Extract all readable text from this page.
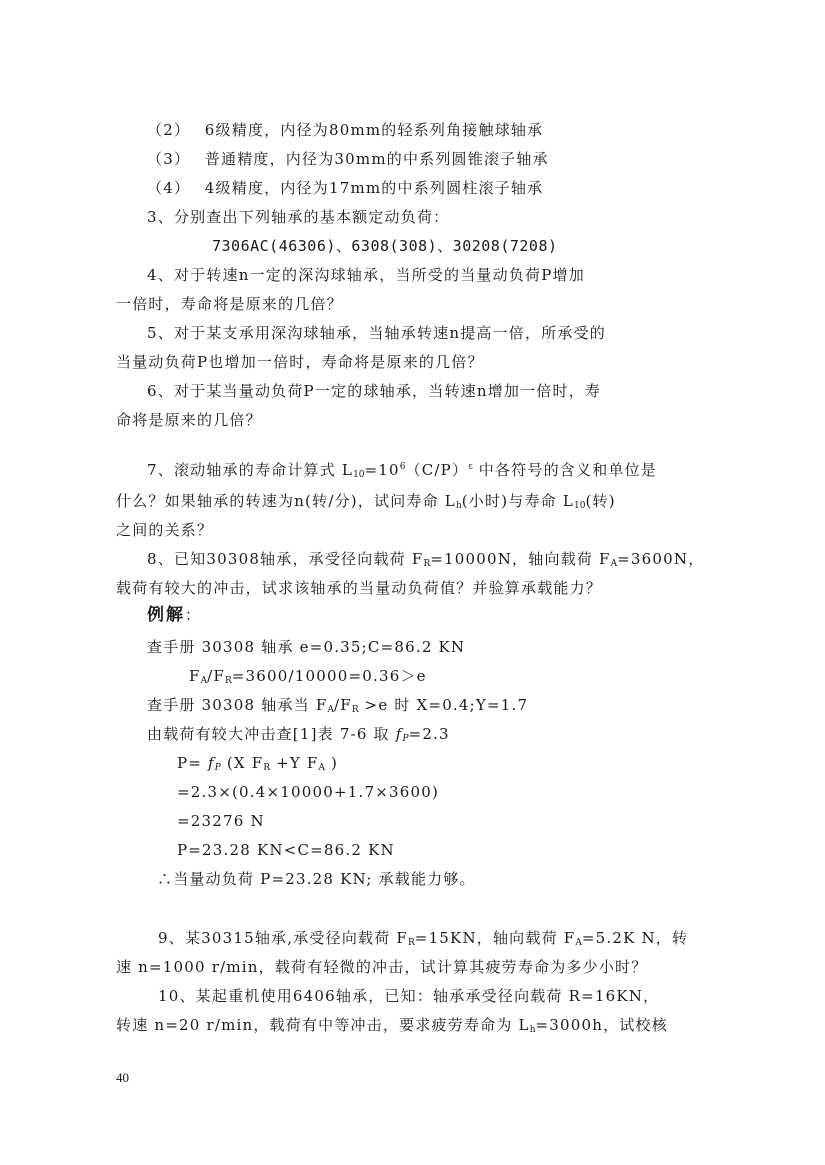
（2）　 6级精度，内径为80mm的轻系列角接触球轴承
（3）　 普通精度，内径为30mm的中系列圆锥滚子轴承
（4）　 4级精度，内径为17mm的中系列圆柱滚子轴承
3、分别查出下列轴承的基本额定动负荷：
7306AC(46306)、6308(308)、30208(7208)
4、对于转速n一定的深沟球轴承，当所受的当量动负荷P增加
一倍时，寿命将是原来的几倍？
5、对于某支承用深沟球轴承，当轴承转速n提高一倍，所承受的
当量动负荷P也增加一倍时，寿命将是原来的几倍？
6、对于某当量动负荷P一定的球轴承，当转速n增加一倍时，寿
命将是原来的几倍？
7、滚动轴承的寿命计算式 $L_{10}=10^6(C/P)^\varepsilon$ 中各符号的含义和单位是
什么？如果轴承的转速为n(转/分)，试问寿命 $L_h$(小时)与寿命 $L_{10}$(转)
之间的关系？
8、已知30308轴承，承受径向载荷 $F_R=10000N$，轴向载荷 $F_A=3600N$，
载荷有较大的冲击，试求该轴承的当量动负荷值？并验算承载能力？
例解：
查手册 30308 轴承 e=0.35;C=86.2 KN
$F_A/F_R=3600/10000=0.36>e$
查手册 30308 轴承当 $F_A/F_R >e$ 时 X=0.4;Y=1.7
由载荷有较大冲击查[1]表 7-6 取 $f_P=2.3$
$P= f_P$ (X $F_R +Y$ $F_A$ )
=2.3×(0.4×10000+1.7×3600)
=23276 N
P=23.28 KN<C=86.2 KN
∴当量动负荷 P=23.28 KN; 承载能力够。
9、某30315轴承,承受径向载荷 $F_R=15KN$，轴向载荷 $F_A=5.2K$ N，转
速 n=1000 r/min，载荷有轻微的冲击，试计算其疲劳寿命为多少小时？
10、某起重机使用6406轴承，已知：轴承承受径向载荷 R=16KN，
转速 n=20 r/min，载荷有中等冲击，要求疲劳寿命为 $L_h=3000h$，试校核
40
